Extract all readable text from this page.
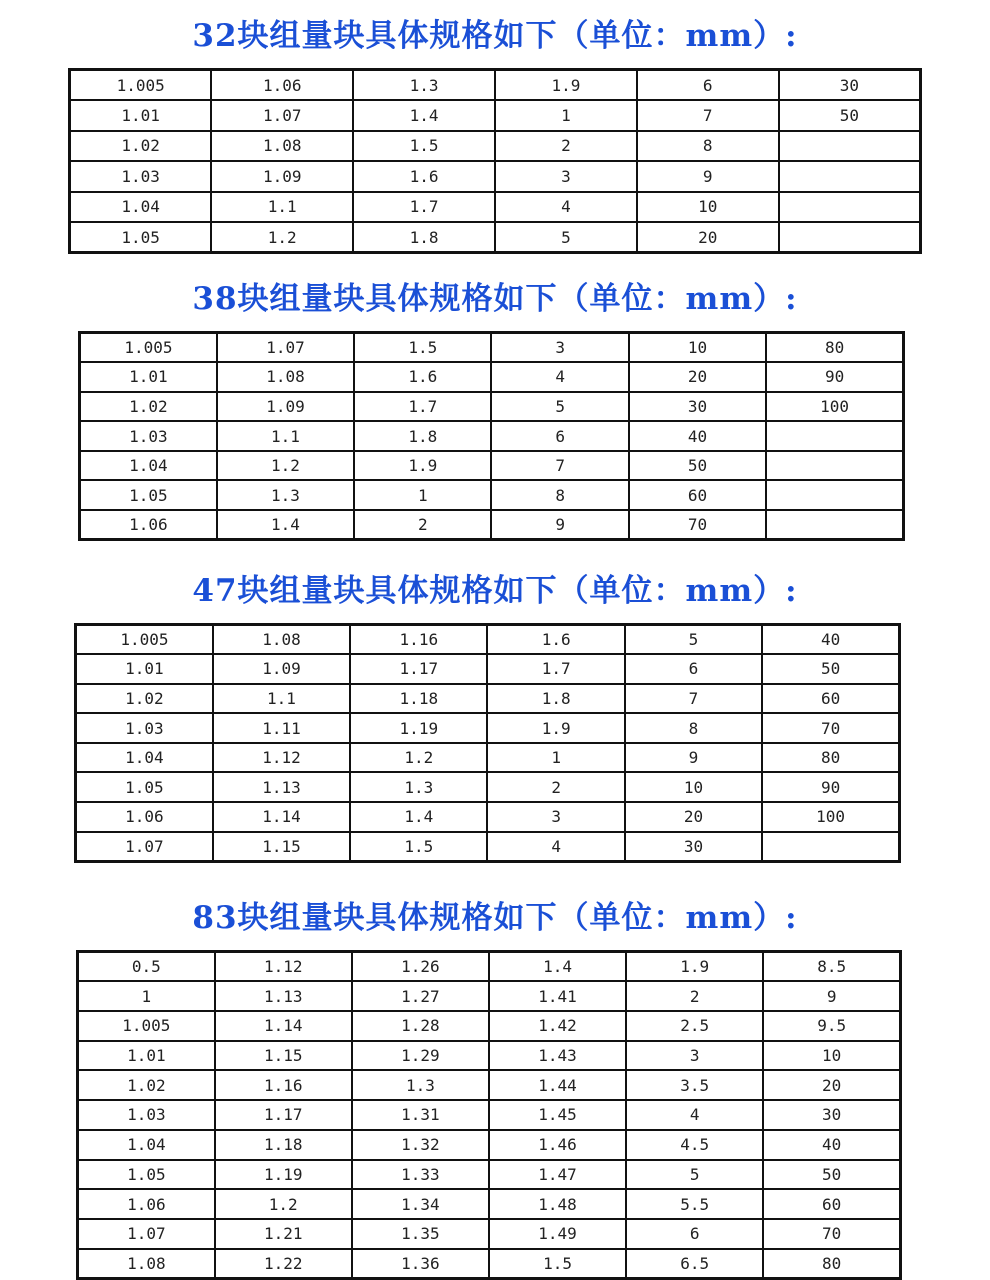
32块组量块具体规格如下（单位：mm）:
1.005	1.06	1.3	1.9	6	30
1.01	1.07	1.4	1	7	50
1.02	1.08	1.5	2	8	
1.03	1.09	1.6	3	9	
1.04	1.1	1.7	4	10	
1.05	1.2	1.8	5	20	
38块组量块具体规格如下（单位：mm）:
1.005	1.07	1.5	3	10	80
1.01	1.08	1.6	4	20	90
1.02	1.09	1.7	5	30	100
1.03	1.1	1.8	6	40	
1.04	1.2	1.9	7	50	
1.05	1.3	1	8	60	
1.06	1.4	2	9	70	
47块组量块具体规格如下（单位：mm）:
1.005	1.08	1.16	1.6	5	40
1.01	1.09	1.17	1.7	6	50
1.02	1.1	1.18	1.8	7	60
1.03	1.11	1.19	1.9	8	70
1.04	1.12	1.2	1	9	80
1.05	1.13	1.3	2	10	90
1.06	1.14	1.4	3	20	100
1.07	1.15	1.5	4	30	
83块组量块具体规格如下（单位：mm）:
0.5	1.12	1.26	1.4	1.9	8.5
1	1.13	1.27	1.41	2	9
1.005	1.14	1.28	1.42	2.5	9.5
1.01	1.15	1.29	1.43	3	10
1.02	1.16	1.3	1.44	3.5	20
1.03	1.17	1.31	1.45	4	30
1.04	1.18	1.32	1.46	4.5	40
1.05	1.19	1.33	1.47	5	50
1.06	1.2	1.34	1.48	5.5	60
1.07	1.21	1.35	1.49	6	70
1.08	1.22	1.36	1.5	6.5	80
